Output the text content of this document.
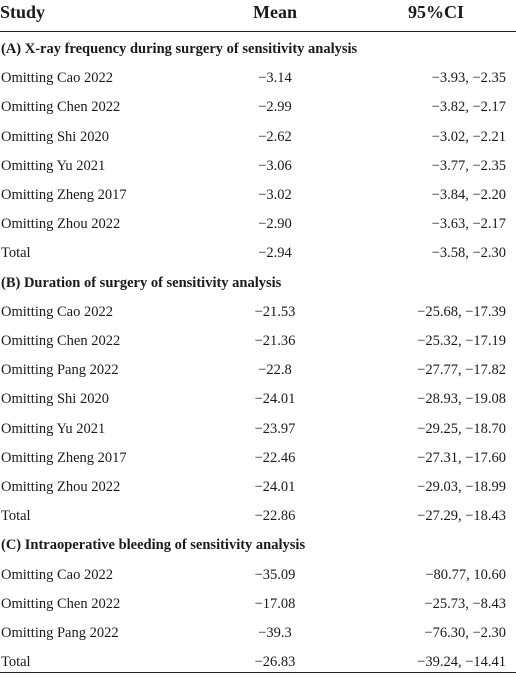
Study	Mean	95%CI
(A) X-ray frequency during surgery of sensitivity analysis
Omitting Cao 2022	−3.14	−3.93, −2.35
Omitting Chen 2022	−2.99	−3.82, −2.17
Omitting Shi 2020	−2.62	−3.02, −2.21
Omitting Yu 2021	−3.06	−3.77, −2.35
Omitting Zheng 2017	−3.02	−3.84, −2.20
Omitting Zhou 2022	−2.90	−3.63, −2.17
Total	−2.94	−3.58, −2.30
(B) Duration of surgery of sensitivity analysis
Omitting Cao 2022	−21.53	−25.68, −17.39
Omitting Chen 2022	−21.36	−25.32, −17.19
Omitting Pang 2022	−22.8	−27.77, −17.82
Omitting Shi 2020	−24.01	−28.93, −19.08
Omitting Yu 2021	−23.97	−29.25, −18.70
Omitting Zheng 2017	−22.46	−27.31, −17.60
Omitting Zhou 2022	−24.01	−29.03, −18.99
Total	−22.86	−27.29, −18.43
(C) Intraoperative bleeding of sensitivity analysis
Omitting Cao 2022	−35.09	−80.77, 10.60
Omitting Chen 2022	−17.08	−25.73, −8.43
Omitting Pang 2022	−39.3	−76.30, −2.30
Total	−26.83	−39.24, −14.41
